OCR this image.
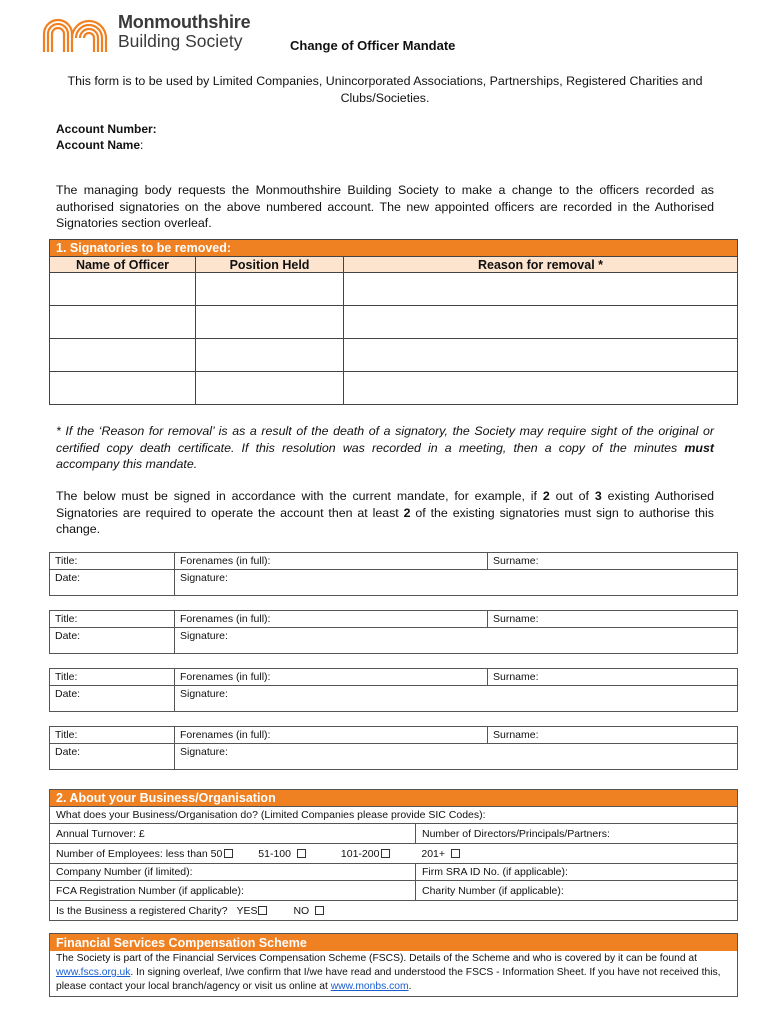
Monmouthshire
Building Society	Change of Officer Mandate
This form is to be used by Limited Companies, Unincorporated Associations, Partnerships, Registered Charities and Clubs/Societies.
Account Number:
Account Name:
The managing body requests the Monmouthshire Building Society to make a change to the officers recorded as authorised signatories on the above numbered account. The new appointed officers are recorded in the Authorised Signatories section overleaf.
1. Signatories to be removed:		
Name of Officer	Position Held	Reason for removal *

* If the ‘Reason for removal’ is as a result of the death of a signatory, the Society may require sight of the original or certified copy death certificate. If this resolution was recorded in a meeting, then a copy of the minutes must accompany this mandate.
The below must be signed in accordance with the current mandate, for example, if 2 out of 3 existing Authorised Signatories are required to operate the account then at least 2 of the existing signatories must sign to authorise this change.
Title:	Forenames (in full):	Surname:
Date:	Signature:	
Title:	Forenames (in full):	Surname:
Date:	Signature:	
Title:	Forenames (in full):	Surname:
Date:	Signature:	
Title:	Forenames (in full):	Surname:
Date:	Signature:	
2. About your Business/Organisation	
What does your Business/Organisation do? (Limited Companies please provide SIC Codes):	
Annual Turnover: £	Number of Directors/Principals/Partners:
Number of Employees: less than 50 51-100 101-200 201+	
Company Number (if limited):	Firm SRA ID No. (if applicable):
FCA Registration Number (if applicable):	Charity Number (if applicable):
Is the Business a registered Charity? YES NO	
Financial Services Compensation Scheme
The Society is part of the Financial Services Compensation Scheme (FSCS). Details of the Scheme and who is covered by it can be found at www.fscs.org.uk. In signing overleaf, I/we confirm that I/we have read and understood the FSCS - Information Sheet. If you have not received this, please contact your local branch/agency or visit us online at www.monbs.com.
